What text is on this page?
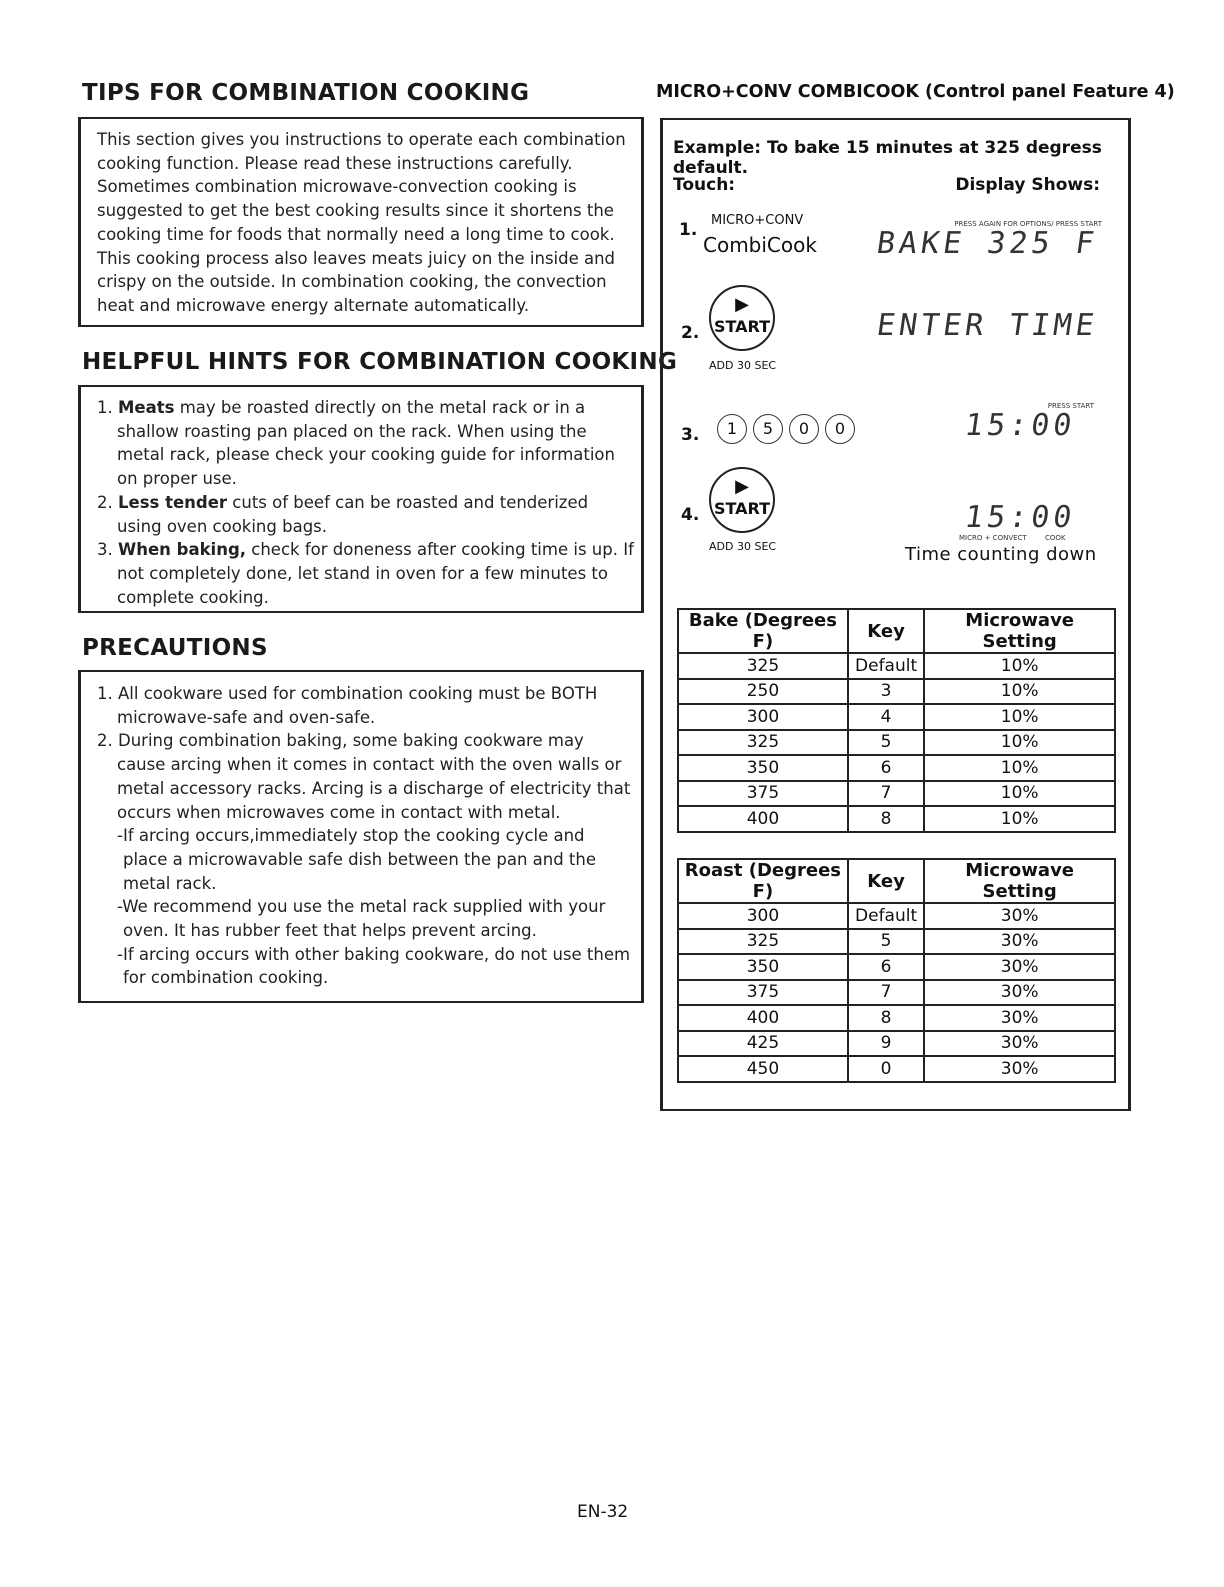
TIPS FOR COMBINATION COOKING
This section gives you instructions to operate each combination
cooking function. Please read these instructions carefully.
Sometimes combination microwave-convection cooking is
suggested to get the best cooking results since it shortens the
cooking time for foods that normally need a long time to cook.
This cooking process also leaves meats juicy on the inside and
crispy on the outside. In combination cooking, the convection
heat and microwave energy alternate automatically.
HELPFUL HINTS FOR COMBINATION COOKING
1. Meats may be roasted directly on the metal rack or in a shallow roasting pan placed on the rack. When using the metal rack, please check your cooking guide for information on proper use.
2. Less tender cuts of beef can be roasted and tenderized using oven cooking bags.
3. When baking, check for doneness after cooking time is up. If not completely done, let stand in oven for a few minutes to complete cooking.
PRECAUTIONS
1. All cookware used for combination cooking must be BOTH microwave-safe and oven-safe.
2. During combination baking, some baking cookware may cause arcing when it comes in contact with the oven walls or metal accessory racks. Arcing is a discharge of electricity that occurs when microwaves come in contact with metal.
-If arcing occurs,immediately stop the cooking cycle and place a microwavable safe dish between the pan and the metal rack.
-We recommend you use the metal rack supplied with your oven. It has rubber feet that helps prevent arcing.
-If arcing occurs with other baking cookware, do not use them for combination cooking.
MICRO+CONV COMBICOOK (Control panel Feature 4)
Example: To bake 15 minutes at 325 degress default.
Touch:	Display Shows:
1. MICRO+CONV
CombiCook
PRESS AGAIN FOR OPTIONS/ PRESS START
BAKE 325 F
2.
▶
START
ADD 30 SEC
ENTER TIME
3.	1 5 0 0
PRESS START
15:00
4.
▶
START
ADD 30 SEC
15:00
MICRO + CONVECT	COOK
Time counting down
Bake (Degrees F)	Key	Microwave Setting
325	Default	10%
250	3	10%
300	4	10%
325	5	10%
350	6	10%
375	7	10%
400	8	10%
Roast (Degrees F)	Key	Microwave Setting
300	Default	30%
325	5	30%
350	6	30%
375	7	30%
400	8	30%
425	9	30%
450	0	30%
EN-32
